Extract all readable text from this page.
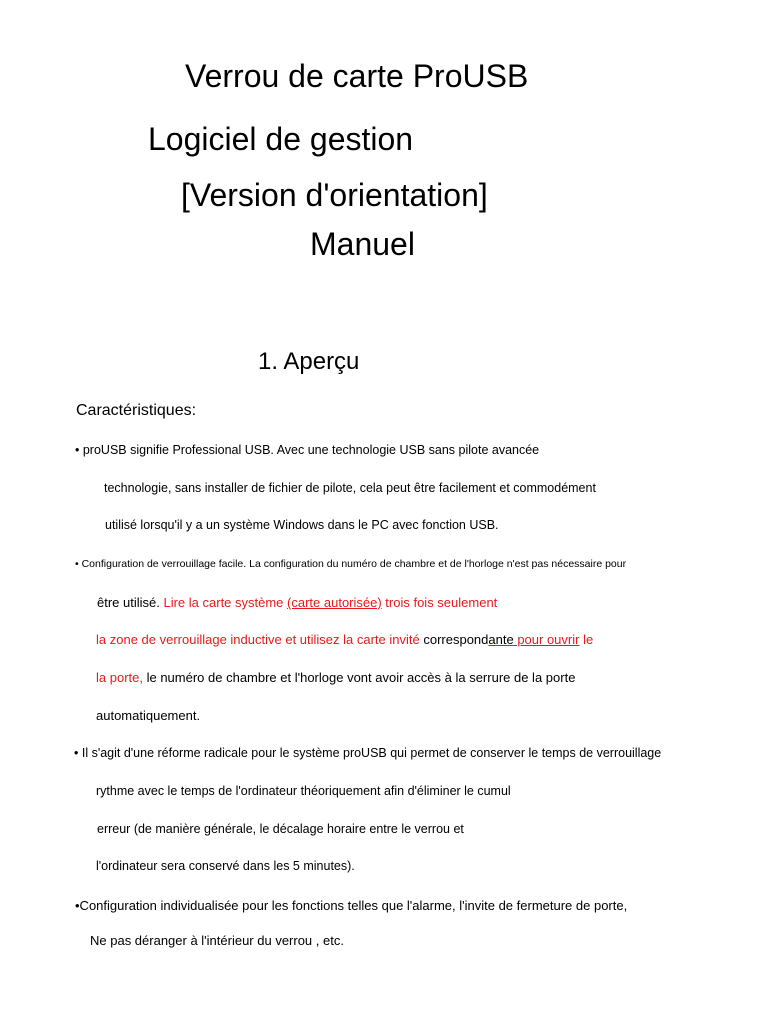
Verrou de carte ProUSB
Logiciel de gestion
[Version d'orientation]
Manuel
1. Aperçu
Caractéristiques:
• proUSB signifie Professional USB. Avec une technologie USB sans pilote avancée
technologie, sans installer de fichier de pilote, cela peut être facilement et commodément
utilisé lorsqu'il y a un système Windows dans le PC avec fonction USB.
• Configuration de verrouillage facile. La configuration du numéro de chambre et de l'horloge n'est pas nécessaire pour
être utilisé. Lire la carte système (carte autorisée) trois fois seulement
la zone de verrouillage inductive et utilisez la carte invité correspondante pour ouvrir le
la porte, le numéro de chambre et l'horloge vont avoir accès à la serrure de la porte
automatiquement.
• Il s'agit d'une réforme radicale pour le système proUSB qui permet de conserver le temps de verrouillage
rythme avec le temps de l'ordinateur théoriquement afin d'éliminer le cumul
erreur (de manière générale, le décalage horaire entre le verrou et
l'ordinateur sera conservé dans les 5 minutes).
•Configuration individualisée pour les fonctions telles que l'alarme, l'invite de fermeture de porte,
Ne pas déranger à l'intérieur du verrou , etc.
